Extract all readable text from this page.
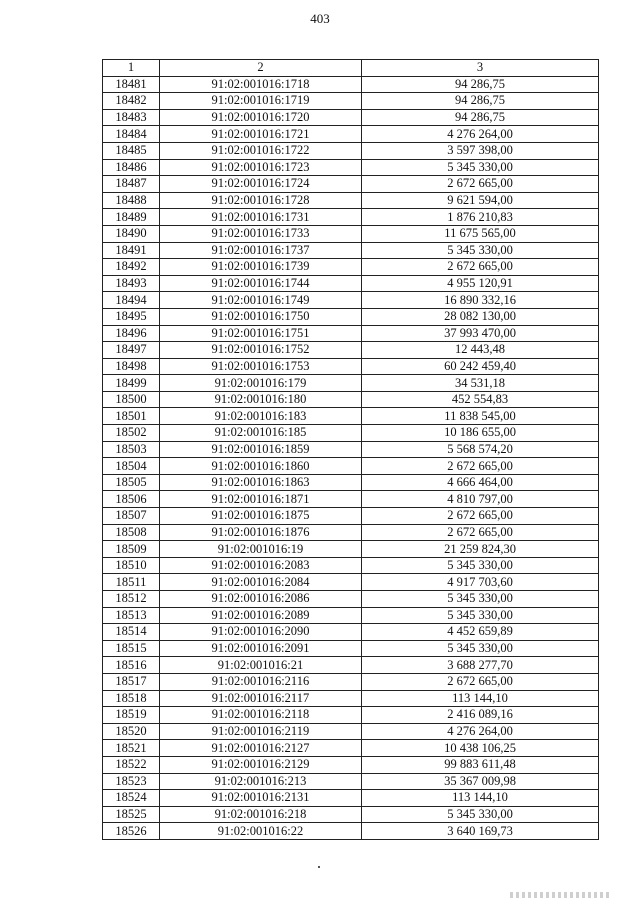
403
1	2	3
18481	91:02:001016:1718	94 286,75
18482	91:02:001016:1719	94 286,75
18483	91:02:001016:1720	94 286,75
18484	91:02:001016:1721	4 276 264,00
18485	91:02:001016:1722	3 597 398,00
18486	91:02:001016:1723	5 345 330,00
18487	91:02:001016:1724	2 672 665,00
18488	91:02:001016:1728	9 621 594,00
18489	91:02:001016:1731	1 876 210,83
18490	91:02:001016:1733	11 675 565,00
18491	91:02:001016:1737	5 345 330,00
18492	91:02:001016:1739	2 672 665,00
18493	91:02:001016:1744	4 955 120,91
18494	91:02:001016:1749	16 890 332,16
18495	91:02:001016:1750	28 082 130,00
18496	91:02:001016:1751	37 993 470,00
18497	91:02:001016:1752	12 443,48
18498	91:02:001016:1753	60 242 459,40
18499	91:02:001016:179	34 531,18
18500	91:02:001016:180	452 554,83
18501	91:02:001016:183	11 838 545,00
18502	91:02:001016:185	10 186 655,00
18503	91:02:001016:1859	5 568 574,20
18504	91:02:001016:1860	2 672 665,00
18505	91:02:001016:1863	4 666 464,00
18506	91:02:001016:1871	4 810 797,00
18507	91:02:001016:1875	2 672 665,00
18508	91:02:001016:1876	2 672 665,00
18509	91:02:001016:19	21 259 824,30
18510	91:02:001016:2083	5 345 330,00
18511	91:02:001016:2084	4 917 703,60
18512	91:02:001016:2086	5 345 330,00
18513	91:02:001016:2089	5 345 330,00
18514	91:02:001016:2090	4 452 659,89
18515	91:02:001016:2091	5 345 330,00
18516	91:02:001016:21	3 688 277,70
18517	91:02:001016:2116	2 672 665,00
18518	91:02:001016:2117	113 144,10
18519	91:02:001016:2118	2 416 089,16
18520	91:02:001016:2119	4 276 264,00
18521	91:02:001016:2127	10 438 106,25
18522	91:02:001016:2129	99 883 611,48
18523	91:02:001016:213	35 367 009,98
18524	91:02:001016:2131	113 144,10
18525	91:02:001016:218	5 345 330,00
18526	91:02:001016:22	3 640 169,73
